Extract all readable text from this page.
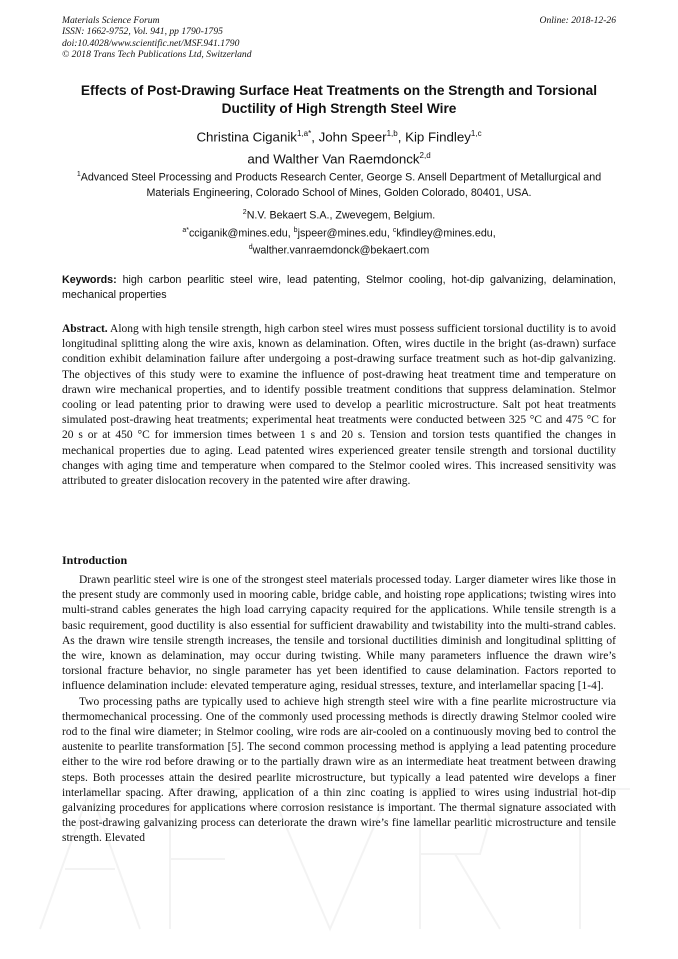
Materials Science Forum
ISSN: 1662-9752, Vol. 941, pp 1790-1795
doi:10.4028/www.scientific.net/MSF.941.1790
© 2018 Trans Tech Publications Ltd, Switzerland
Online: 2018-12-26
Effects of Post-Drawing Surface Heat Treatments on the Strength and Torsional Ductility of High Strength Steel Wire
Christina Ciganik$^{1,a*}$, John Speer$^{1,b}$, Kip Findley$^{1,c}$
and Walther Van Raemdonck$^{2,d}$
$^1$Advanced Steel Processing and Products Research Center, George S. Ansell Department of Metallurgical and Materials Engineering, Colorado School of Mines, Golden Colorado, 80401, USA.
$^2$N.V. Bekaert S.A., Zwevegem, Belgium.
$^{a*}$cciganik@mines.edu, $^b$jspeer@mines.edu, $^c$kfindley@mines.edu,
$^d$walther.vanraemdonck@bekaert.com
Keywords: high carbon pearlitic steel wire, lead patenting, Stelmor cooling, hot-dip galvanizing, delamination, mechanical properties
Abstract. Along with high tensile strength, high carbon steel wires must possess sufficient torsional ductility is to avoid longitudinal splitting along the wire axis, known as delamination. Often, wires ductile in the bright (as-drawn) surface condition exhibit delamination failure after undergoing a post-drawing surface treatment such as hot-dip galvanizing. The objectives of this study were to examine the influence of post-drawing heat treatment time and temperature on drawn wire mechanical properties, and to identify possible treatment conditions that suppress delamination. Stelmor cooling or lead patenting prior to drawing were used to develop a pearlitic microstructure. Salt pot heat treatments simulated post-drawing heat treatments; experimental heat treatments were conducted between 325 °C and 475 °C for 20 s or at 450 °C for immersion times between 1 s and 20 s. Tension and torsion tests quantified the changes in mechanical properties due to aging. Lead patented wires experienced greater tensile strength and torsional ductility changes with aging time and temperature when compared to the Stelmor cooled wires. This increased sensitivity was attributed to greater dislocation recovery in the patented wire after drawing.
Introduction

Drawn pearlitic steel wire is one of the strongest steel materials processed today. Larger diameter wires like those in the present study are commonly used in mooring cable, bridge cable, and hoisting rope applications; twisting wires into multi-strand cables generates the high load carrying capacity required for the applications. While tensile strength is a basic requirement, good ductility is also essential for sufficient drawability and twistability into the multi-strand cables. As the drawn wire tensile strength increases, the tensile and torsional ductilities diminish and longitudinal splitting of the wire, known as delamination, may occur during twisting. While many parameters influence the drawn wire’s torsional fracture behavior, no single parameter has yet been identified to cause delamination. Factors reported to influence delamination include: elevated temperature aging, residual stresses, texture, and interlamellar spacing [1-4].

Two processing paths are typically used to achieve high strength steel wire with a fine pearlite microstructure via thermomechanical processing. One of the commonly used processing methods is directly drawing Stelmor cooled wire rod to the final wire diameter; in Stelmor cooling, wire rods are air-cooled on a continuously moving bed to control the austenite to pearlite transformation [5]. The second common processing method is applying a lead patenting procedure either to the wire rod before drawing or to the partially drawn wire as an intermediate heat treatment between drawing steps. Both processes attain the desired pearlite microstructure, but typically a lead patented wire develops a finer interlamellar spacing. After drawing, application of a thin zinc coating is applied to wires using industrial hot-dip galvanizing procedures for applications where corrosion resistance is important. The thermal signature associated with the post-drawing galvanizing process can deteriorate the drawn wire’s fine lamellar pearlitic microstructure and tensile strength. Elevated
